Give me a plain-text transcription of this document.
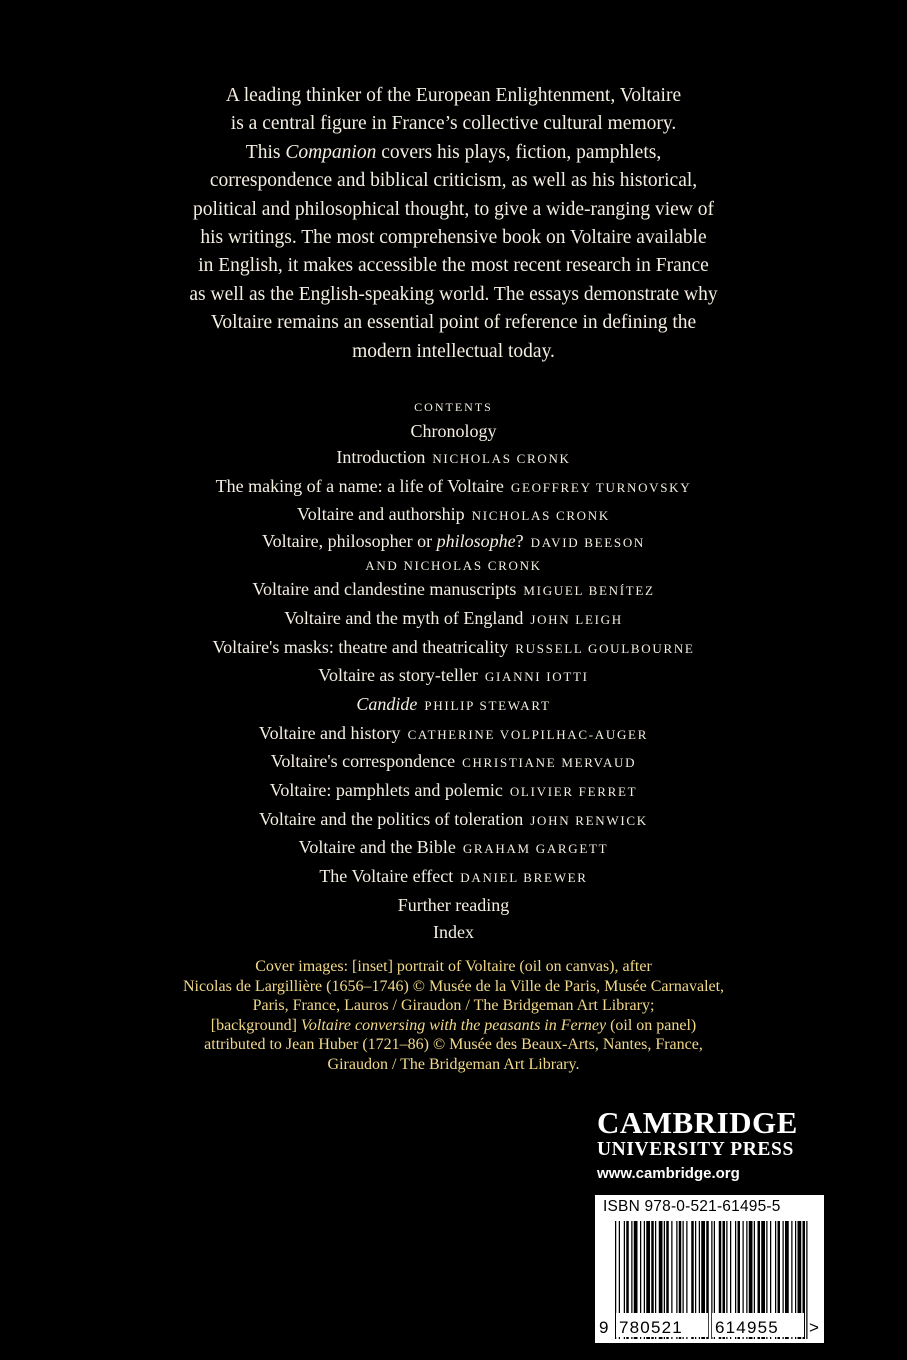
A leading thinker of the European Enlightenment, Voltaire
is a central figure in France’s collective cultural memory.
This Companion covers his plays, fiction, pamphlets,
correspondence and biblical criticism, as well as his historical,
political and philosophical thought, to give a wide-ranging view of
his writings. The most comprehensive book on Voltaire available
in English, it makes accessible the most recent research in France
as well as the English-speaking world. The essays demonstrate why
Voltaire remains an essential point of reference in defining the
modern intellectual today.
CONTENTS
Chronology
Introduction NICHOLAS CRONK
The making of a name: a life of Voltaire GEOFFREY TURNOVSKY
Voltaire and authorship NICHOLAS CRONK
Voltaire, philosopher or philosophe? DAVID BEESON
AND NICHOLAS CRONK
Voltaire and clandestine manuscripts MIGUEL BENÍTEZ
Voltaire and the myth of England JOHN LEIGH
Voltaire's masks: theatre and theatricality RUSSELL GOULBOURNE
Voltaire as story-teller GIANNI IOTTI
Candide PHILIP STEWART
Voltaire and history CATHERINE VOLPILHAC-AUGER
Voltaire's correspondence CHRISTIANE MERVAUD
Voltaire: pamphlets and polemic OLIVIER FERRET
Voltaire and the politics of toleration JOHN RENWICK
Voltaire and the Bible GRAHAM GARGETT
The Voltaire effect DANIEL BREWER
Further reading
Index
Cover images: [inset] portrait of Voltaire (oil on canvas), after
Nicolas de Largillière (1656–1746) © Musée de la Ville de Paris, Musée Carnavalet,
Paris, France, Lauros / Giraudon / The Bridgeman Art Library;
[background] Voltaire conversing with the peasants in Ferney (oil on panel)
attributed to Jean Huber (1721–86) © Musée des Beaux-Arts, Nantes, France,
Giraudon / The Bridgeman Art Library.
CAMBRIDGE
UNIVERSITY PRESS
www.cambridge.org
ISBN 978-0-521-61495-5
9 780521 614955 >
